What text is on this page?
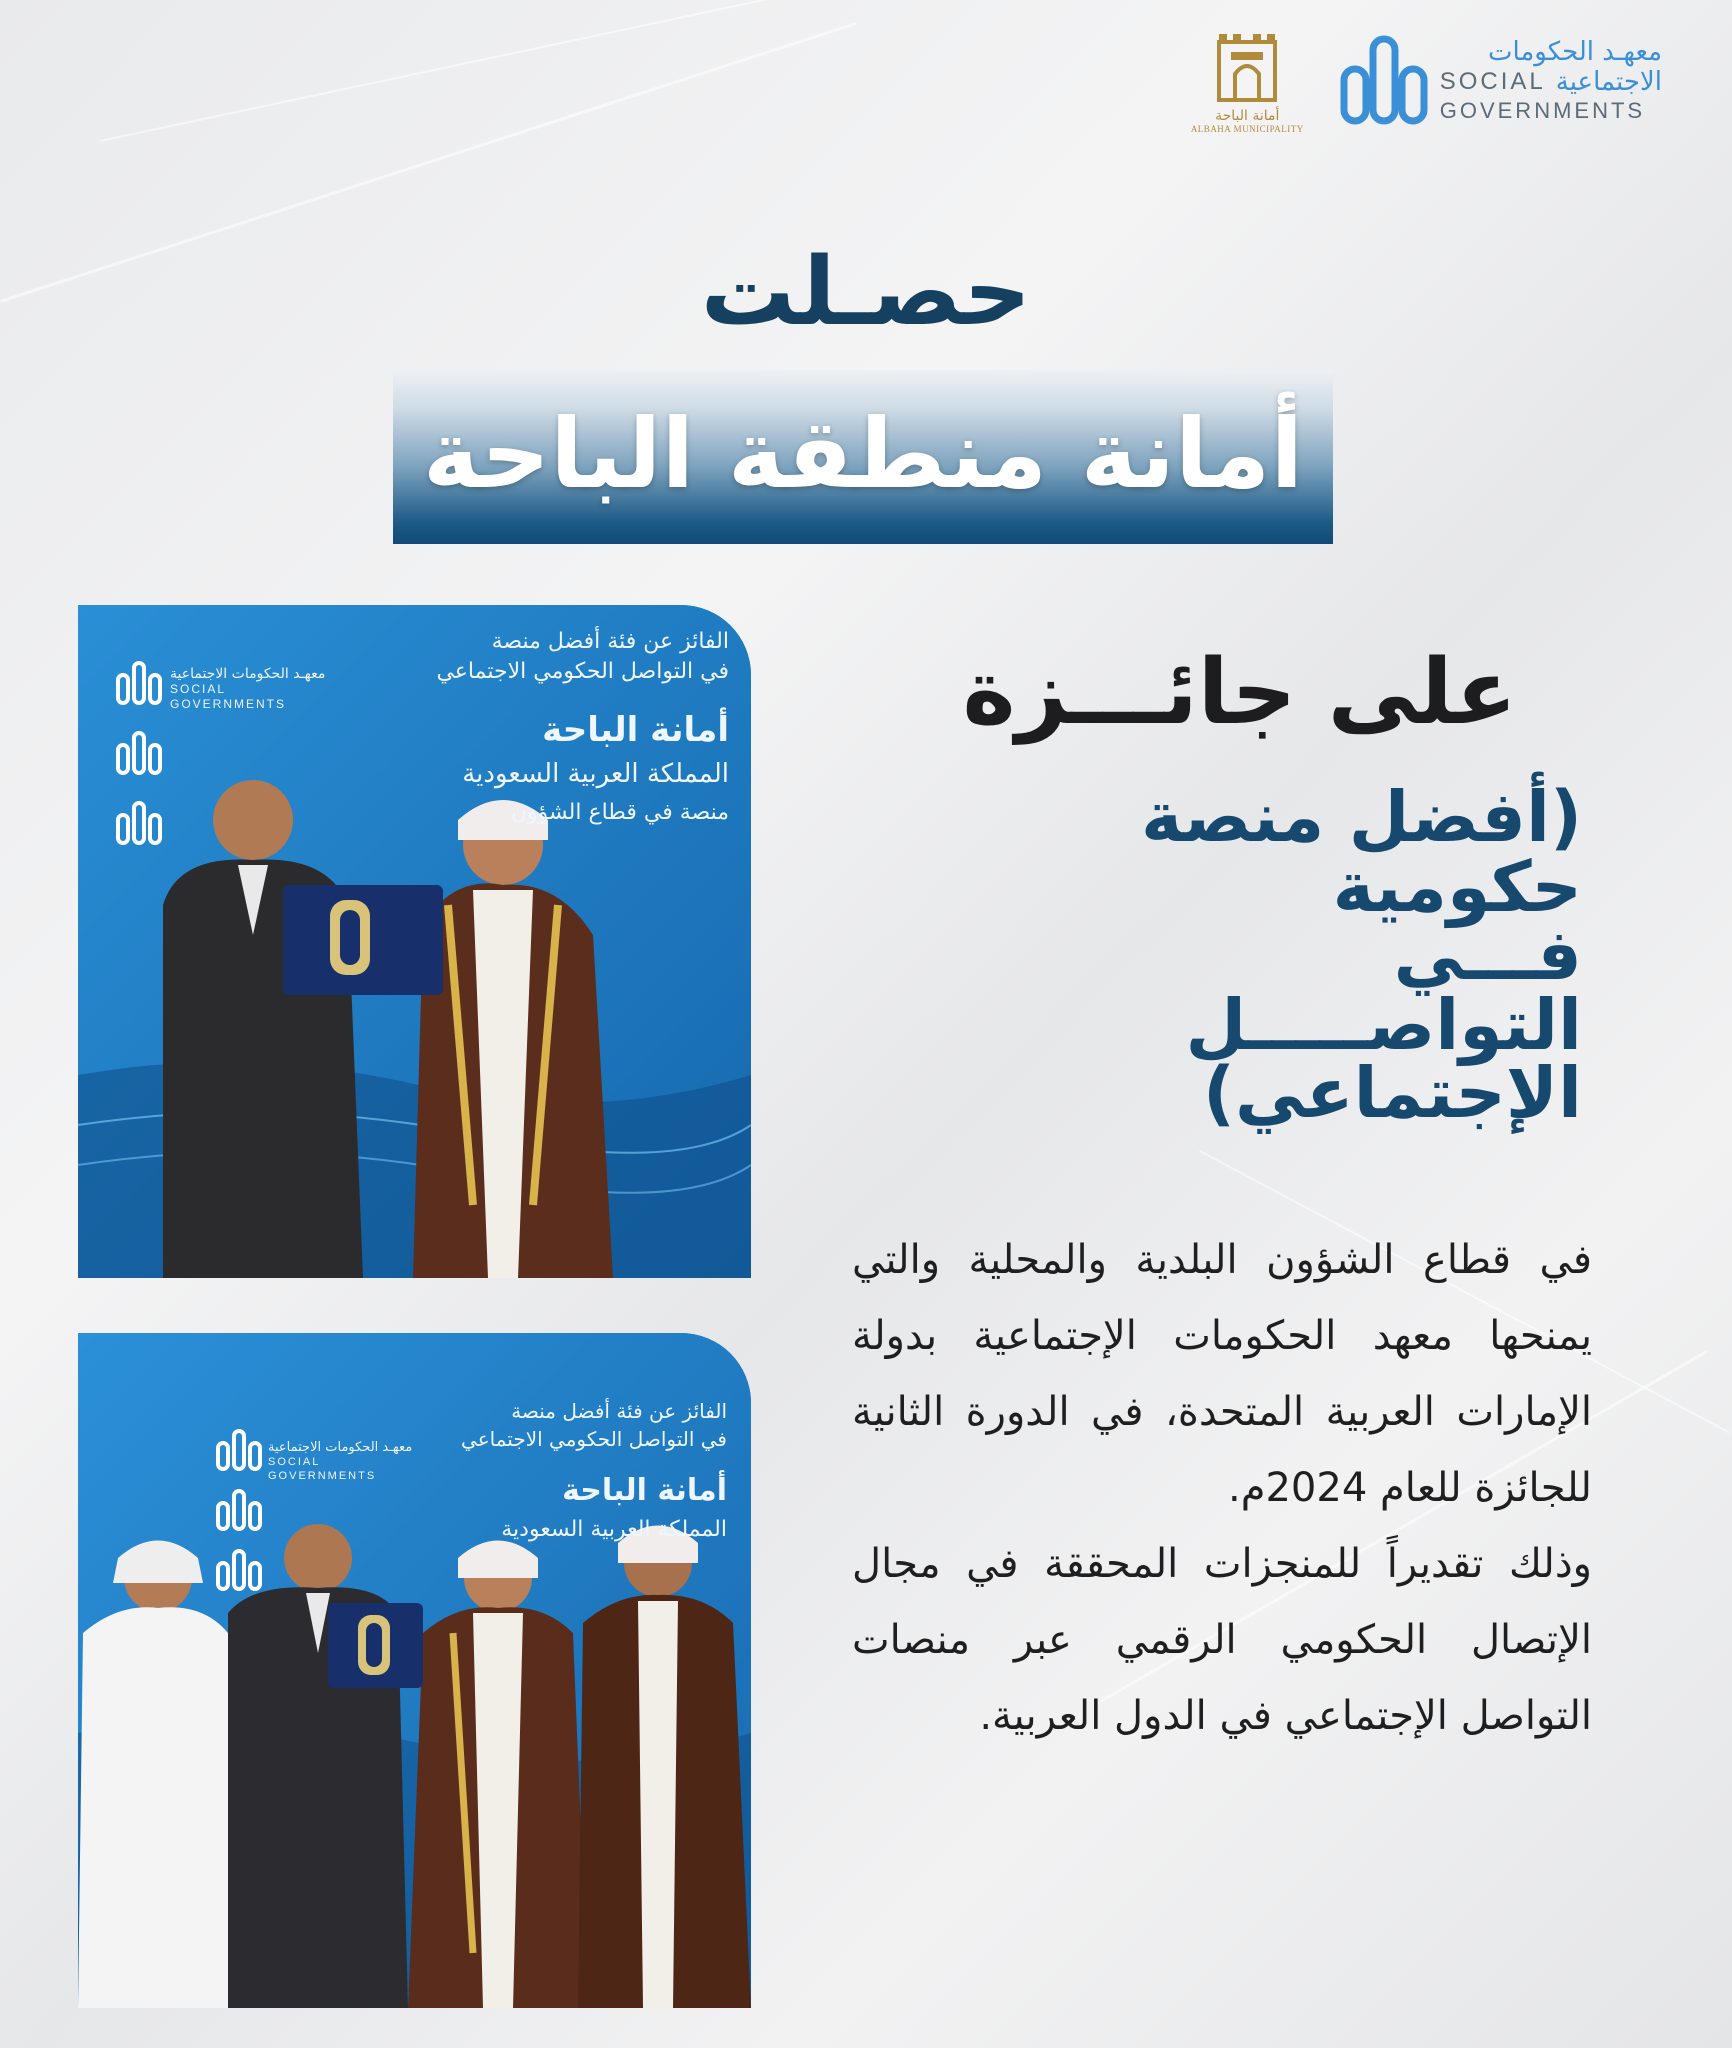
أمانة الباحة
ALBAHA MUNICIPALITY
معهـد الحكومات
SOCIAL الاجتماعية
GOVERNMENTS
حصـلت
أمانة منطقة الباحة
الفائز عن فئة أفضل منصة
في التواصل الحكومي الاجتماعي
أمانة الباحة
المملكة العربية السعودية
منصة في قطاع الشؤون
معهـد الحكومات الاجتماعية
SOCIAL
GOVERNMENTS
الفائز عن فئة أفضل منصة
في التواصل الحكومي الاجتماعي
أمانة الباحة
المملكة العربية السعودية
معهـد الحكومات الاجتماعية
SOCIAL
GOVERNMENTS
على جائـــزة
(أفضل منصة حكومية
فـــي التواصـــــل
الإجتماعي)

في قطاع الشؤون البلدية والمحلية والتي يمنحها معهد الحكومات الإجتماعية بدولة الإمارات العربية المتحدة، في الدورة الثانية للجائزة للعام 2024م.

وذلك تقديراً للمنجزات المحققة في مجال الإتصال الحكومي الرقمي عبر منصات التواصل الإجتماعي في الدول العربية.
